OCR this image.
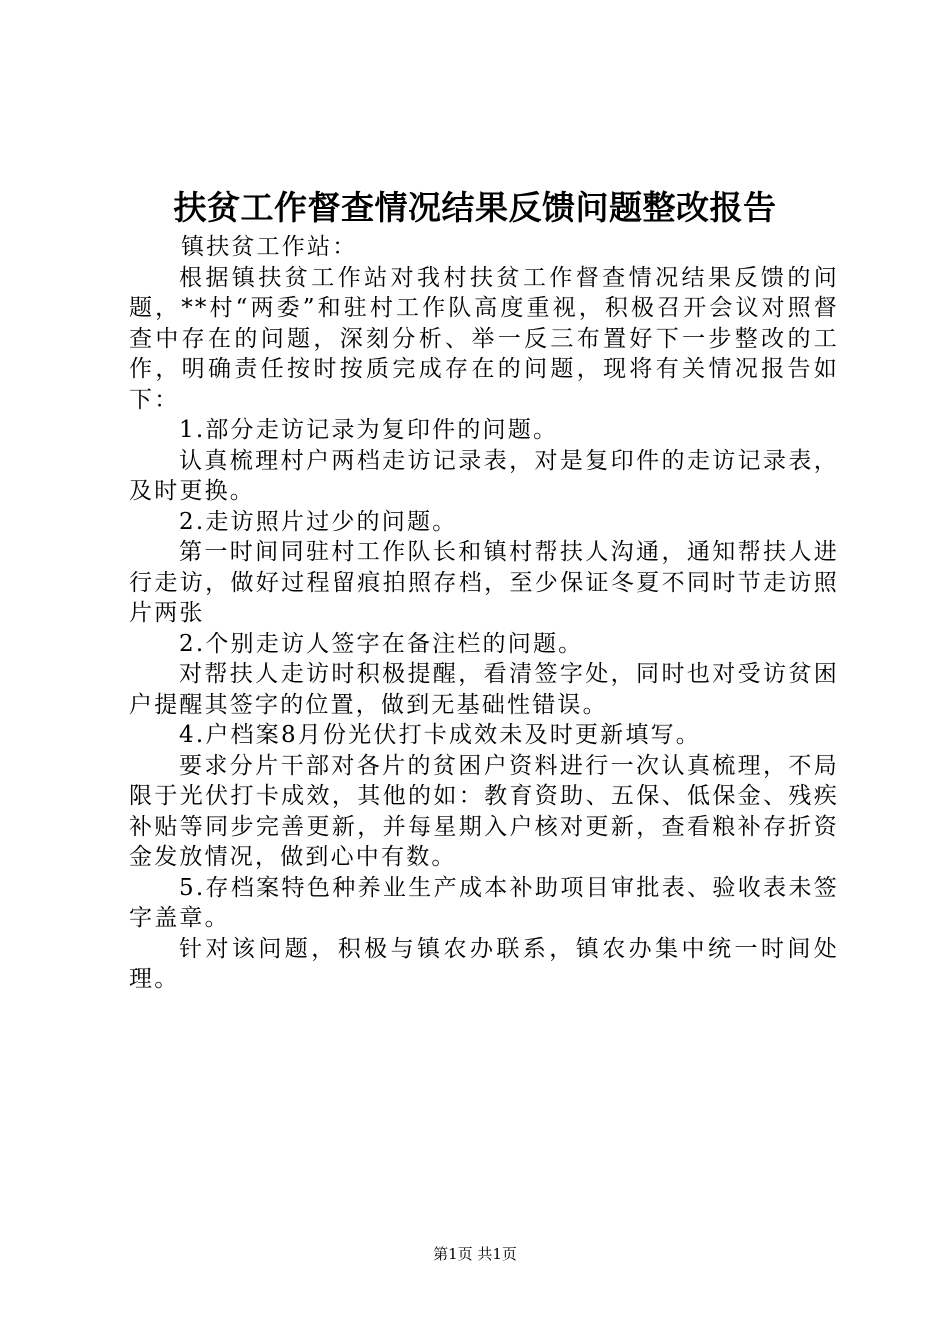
扶贫工作督查情况结果反馈问题整改报告

镇扶贫工作站：

根据镇扶贫工作站对我村扶贫工作督查情况结果反馈的问题，**村“两委”和驻村工作队高度重视，积极召开会议对照督查中存在的问题，深刻分析、举一反三布置好下一步整改的工作，明确责任按时按质完成存在的问题，现将有关情况报告如下：

1.部分走访记录为复印件的问题。

认真梳理村户两档走访记录表，对是复印件的走访记录表，及时更换。

2.走访照片过少的问题。

第一时间同驻村工作队长和镇村帮扶人沟通，通知帮扶人进行走访，做好过程留痕拍照存档，至少保证冬夏不同时节走访照片两张

2.个别走访人签字在备注栏的问题。

对帮扶人走访时积极提醒，看清签字处，同时也对受访贫困户提醒其签字的位置，做到无基础性错误。

4.户档案8月份光伏打卡成效未及时更新填写。

要求分片干部对各片的贫困户资料进行一次认真梳理，不局限于光伏打卡成效，其他的如：教育资助、五保、低保金、残疾补贴等同步完善更新，并每星期入户核对更新，查看粮补存折资金发放情况，做到心中有数。

5.存档案特色种养业生产成本补助项目审批表、验收表未签字盖章。

针对该问题，积极与镇农办联系，镇农办集中统一时间处理。

第1页 共1页
